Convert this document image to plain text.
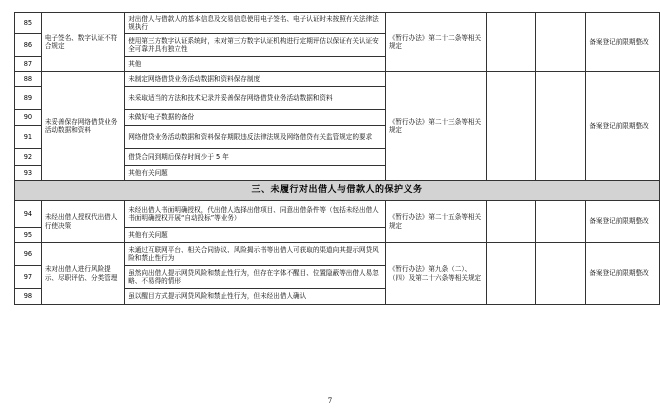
85	电子签名、数字认证不符合规定	对出借人与借款人的基本信息及交易信息使用电子签名、电子认证时未按照有关法律法规执行	《暂行办法》第二十二条等相关规定			备案登记前限期整改
86		使用第三方数字认证系统时，未对第三方数字认证机构进行定期评估以保证有关认证安全可靠并具有独立性				
87		其他				
88	未妥善保存网络借贷业务活动数据和资料	未制定网络借贷业务活动数据和资料保存制度	《暂行办法》第二十三条等相关规定			备案登记前限期整改
89		未采取适当的方法和技术记录并妥善保存网络借贷业务活动数据和资料				
90		未做好电子数据的备份				
91		网络借贷业务活动数据和资料保存期限违反法律法规及网络借贷有关监管规定的要求				
92		借贷合同到期后保存时间少于 5 年				
93		其他有关问题				
三、未履行对出借人与借款人的保护义务						
94	未经出借人授权代出借人行使决策	未经出借人书面明确授权，代出借人选择出借项目、同意出借条件等（包括未经出借人书面明确授权开展“自动投标”等业务）	《暂行办法》第二十五条等相关规定			备案登记前限期整改
95		其他有关问题				
96	未对出借人进行风险提示、尽职评估、分类管理	未通过互联网平台、相关合同协议、风险揭示书等出借人可获取的渠道向其提示网贷风险和禁止性行为	《暂行办法》第九条（二）、（四）及第二十六条等相关规定			备案登记前限期整改
97		虽然向出借人提示网贷风险和禁止性行为，但存在字体不醒目、位置隐蔽等出借人易忽略、不易得的情形				
98		虽以醒目方式提示网贷风险和禁止性行为，但未经出借人确认				
7
